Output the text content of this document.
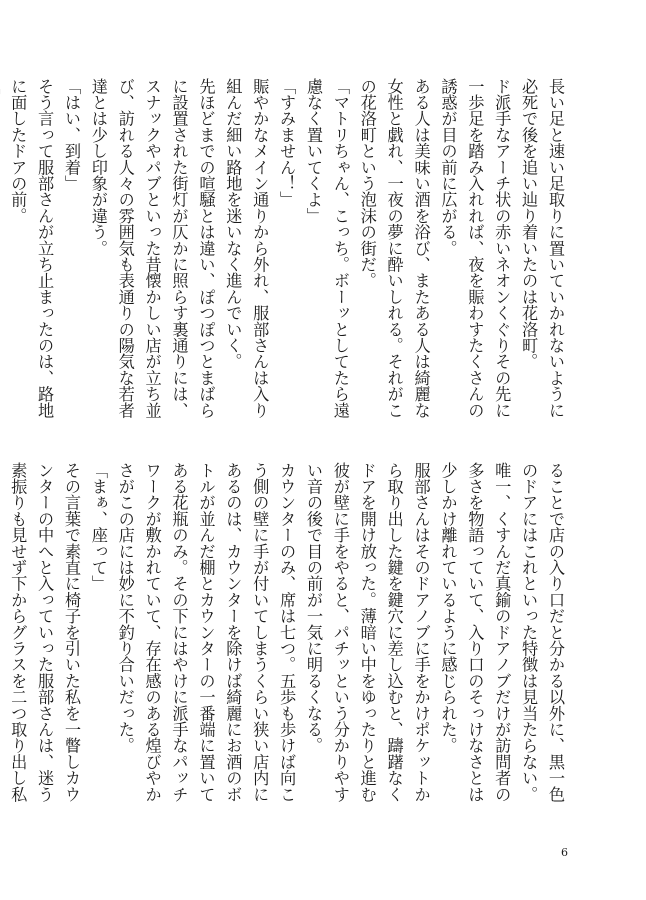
長い足と速い足取りに置いていかれないように必死で後を追い辿り着いたのは花洛町。
ド派手なアーチ状の赤いネオンくぐりその先に一歩足を踏み入れれば、夜を賑わすたくさんの誘惑が目の前に広がる。
ある人は美味い酒を浴び、またある人は綺麗な女性と戯れ、一夜の夢に酔いしれる。それがこの花洛町という泡沫の街だ。
「マトリちゃん、こっち。ボーッとしてたら遠慮なく置いてくよ」
「すみません！」
賑やかなメイン通りから外れ、服部さんは入り組んだ細い路地を迷いなく進んでいく。
先ほどまでの喧騒とは違い、ぽつぽつとまばらに設置された街灯が仄かに照らす裏通りには、スナックやパブといった昔懐かしい店が立ち並び、訪れる人々の雰囲気も表通りの陽気な若者達とは少し印象が違う。
「はい、到着」
そう言って服部さんが立ち止まったのは、路地に面したドアの前。
ることで店の入り口だと分かる以外に、黒一色のドアにはこれといった特徴は見当たらない。
唯一、くすんだ真鍮のドアノブだけが訪問者の多さを物語っていて、入り口のそっけなさとは少しかけ離れているように感じられた。
服部さんはそのドアノブに手をかけポケットから取り出した鍵を鍵穴に差し込むと、躊躇なくドアを開け放った。薄暗い中をゆったりと進む彼が壁に手をやると、パチッという分かりやすい音の後で目の前が一気に明るくなる。
カウンターのみ、席は七つ。五歩も歩けば向こう側の壁に手が付いてしまうくらい狭い店内にあるのは、カウンターを除けば綺麗にお酒のボトルが並んだ棚とカウンターの一番端に置いてある花瓶のみ。その下にはやけに派手なパッチワークが敷かれていて、存在感のある煌びやかさがこの店には妙に不釣り合いだった。
「まぁ、座って」
その言葉で素直に椅子を引いた私を一瞥しカウンターの中へと入っていった服部さんは、迷う素振りも見せず下からグラスを二つ取り出し私
6
